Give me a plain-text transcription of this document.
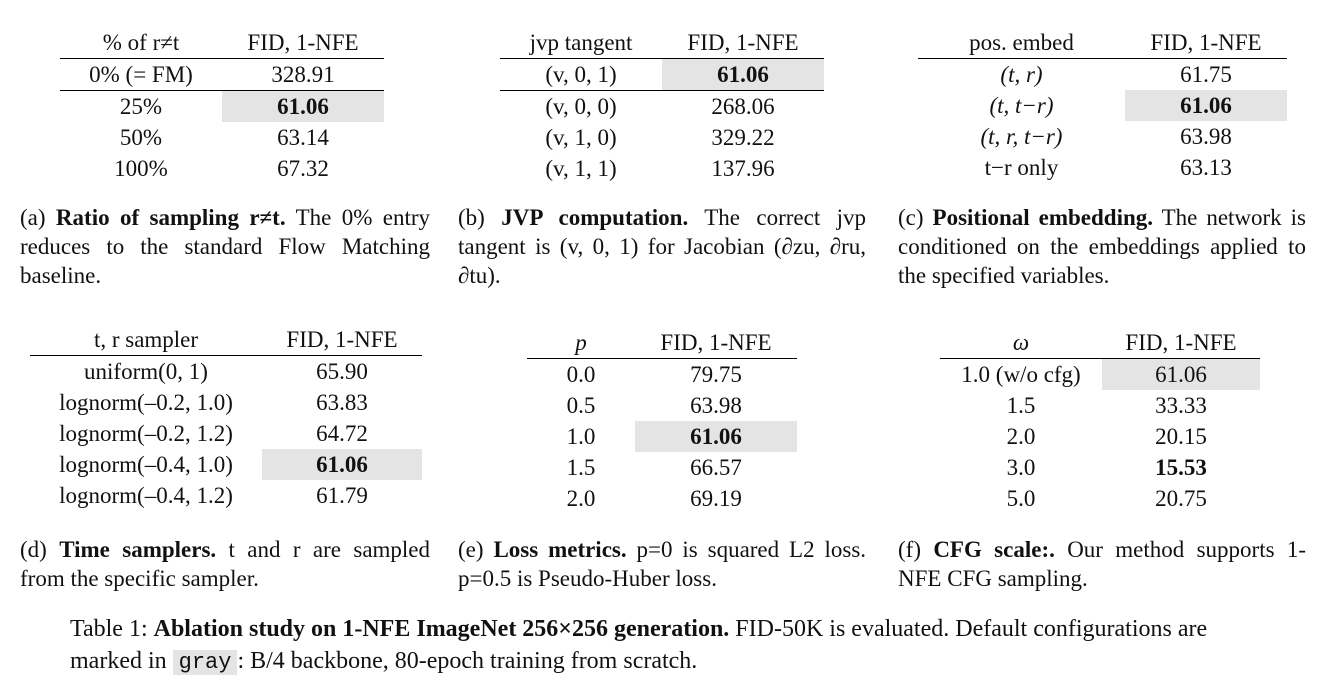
% of r≠t	FID, 1-NFE
0% (= FM)	328.91
25%	61.06
50%	63.14
100%	67.32
(a) Ratio of sampling r≠t. The 0% entry reduces to the standard Flow Matching baseline.
jvp tangent	FID, 1-NFE
(v, 0, 1)	61.06
(v, 0, 0)	268.06
(v, 1, 0)	329.22
(v, 1, 1)	137.96
(b) JVP computation. The correct jvp tangent is (v, 0, 1) for Jacobian (∂zu, ∂ru, ∂tu).
pos. embed	FID, 1-NFE
(t, r)	61.75
(t, t−r)	61.06
(t, r, t−r)	63.98
t−r only	63.13
(c) Positional embedding. The network is conditioned on the embeddings applied to the specified variables.
t, r sampler	FID, 1-NFE
uniform(0, 1)	65.90
lognorm(–0.2, 1.0)	63.83
lognorm(–0.2, 1.2)	64.72
lognorm(–0.4, 1.0)	61.06
lognorm(–0.4, 1.2)	61.79
(d) Time samplers. t and r are sampled from the specific sampler.
p	FID, 1-NFE
0.0	79.75
0.5	63.98
1.0	61.06
1.5	66.57
2.0	69.19
(e) Loss metrics. p=0 is squared L2 loss. p=0.5 is Pseudo-Huber loss.
ω	FID, 1-NFE
1.0 (w/o cfg)	61.06
1.5	33.33
2.0	20.15
3.0	15.53
5.0	20.75
(f) CFG scale:. Our method supports 1-NFE CFG sampling.
Table 1: Ablation study on 1-NFE ImageNet 256×256 generation. FID-50K is evaluated. Default configurations are marked in gray : B/4 backbone, 80-epoch training from scratch.
